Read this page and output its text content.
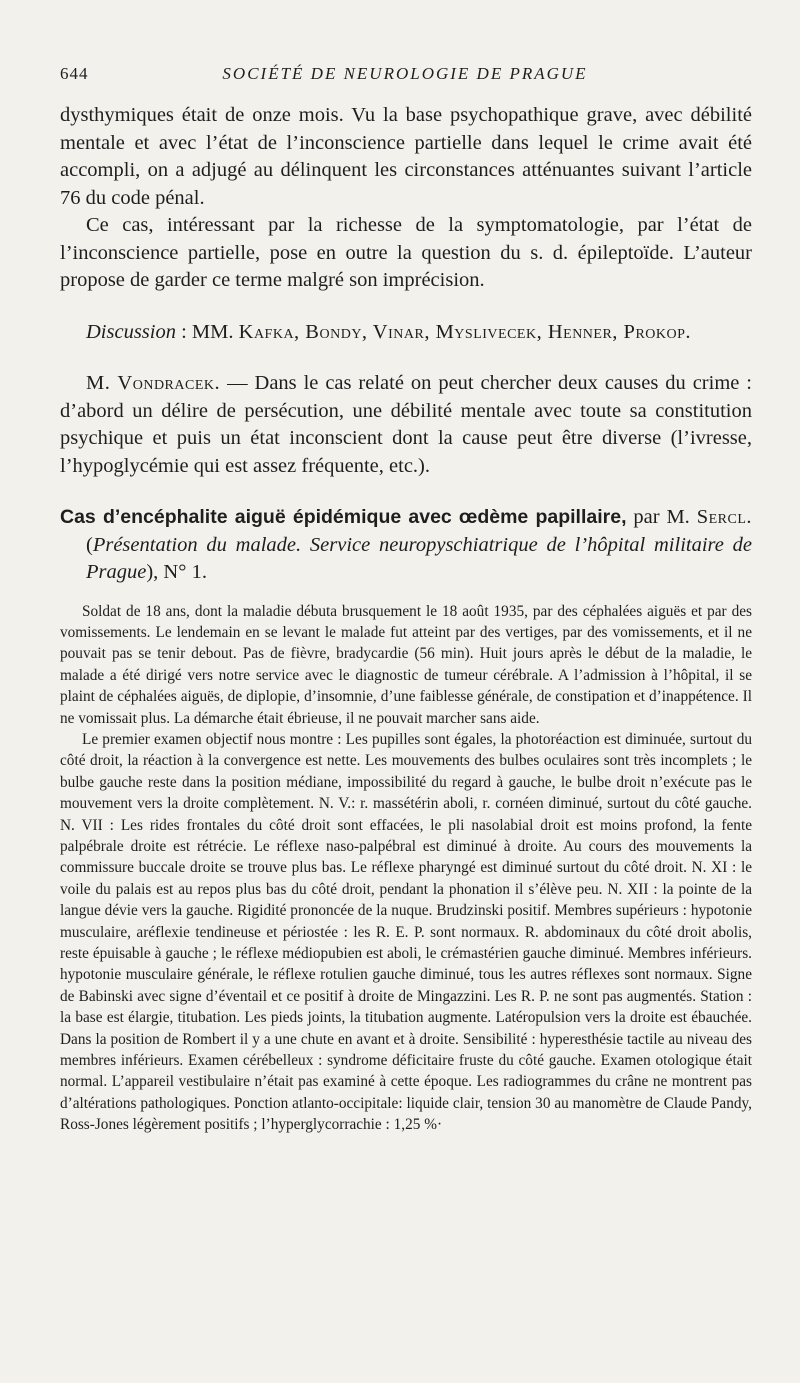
644	SOCIÉTÉ DE NEUROLOGIE DE PRAGUE

dysthymiques était de onze mois. Vu la base psychopathique grave, avec débilité mentale et avec l’état de l’inconscience partielle dans lequel le crime avait été accompli, on a adjugé au délinquent les circonstances atténuantes suivant l’article 76 du code pénal.

Ce cas, intéressant par la richesse de la symptomatologie, par l’état de l’inconscience partielle, pose en outre la question du s. d. épileptoïde. L’auteur propose de garder ce terme malgré son imprécision.

Discussion : MM. Kafka, Bondy, Vinar, Myslivecek, Henner, Prokop.

M. Vondracek. — Dans le cas relaté on peut chercher deux causes du crime : d’abord un délire de persécution, une débilité mentale avec toute sa constitution psychique et puis un état inconscient dont la cause peut être diverse (l’ivresse, l’hypoglycémie qui est assez fréquente, etc.).

Cas d’encéphalite aiguë épidémique avec œdème papillaire, par M. Sercl. (Présentation du malade. Service neuropyschiatrique de l’hôpital militaire de Prague), N° 1.

Soldat de 18 ans, dont la maladie débuta brusquement le 18 août 1935, par des céphalées aiguës et par des vomissements. Le lendemain en se levant le malade fut atteint par des vertiges, par des vomissements, et il ne pouvait pas se tenir debout. Pas de fièvre, bradycardie (56 min). Huit jours après le début de la maladie, le malade a été dirigé vers notre service avec le diagnostic de tumeur cérébrale. A l’admission à l’hôpital, il se plaint de céphalées aiguës, de diplopie, d’insomnie, d’une faiblesse générale, de constipation et d’inappétence. Il ne vomissait plus. La démarche était ébrieuse, il ne pouvait marcher sans aide.

Le premier examen objectif nous montre : Les pupilles sont égales, la photoréaction est diminuée, surtout du côté droit, la réaction à la convergence est nette. Les mouvements des bulbes oculaires sont très incomplets ; le bulbe gauche reste dans la position médiane, impossibilité du regard à gauche, le bulbe droit n’exécute pas le mouvement vers la droite complètement. N. V.: r. massétérin aboli, r. cornéen diminué, surtout du côté gauche. N. VII : Les rides frontales du côté droit sont effacées, le pli nasolabial droit est moins profond, la fente palpébrale droite est rétrécie. Le réflexe naso-palpébral est diminué à droite. Au cours des mouvements la commissure buccale droite se trouve plus bas. Le réflexe pharyngé est diminué surtout du côté droit. N. XI : le voile du palais est au repos plus bas du côté droit, pendant la phonation il s’élève peu. N. XII : la pointe de la langue dévie vers la gauche. Rigidité prononcée de la nuque. Brudzinski positif. Membres supérieurs : hypotonie musculaire, aréflexie tendineuse et périostée : les R. E. P. sont normaux. R. abdominaux du côté droit abolis, reste épuisable à gauche ; le réflexe médiopubien est aboli, le crémastérien gauche diminué. Membres inférieurs. hypotonie musculaire générale, le réflexe rotulien gauche diminué, tous les autres réflexes sont normaux. Signe de Babinski avec signe d’éventail et ce positif à droite de Mingazzini. Les R. P. ne sont pas augmentés. Station : la base est élargie, titubation. Les pieds joints, la titubation augmente. Latéropulsion vers la droite est ébauchée. Dans la position de Rombert il y a une chute en avant et à droite. Sensibilité : hyperesthésie tactile au niveau des membres inférieurs. Examen cérébelleux : syndrome déficitaire fruste du côté gauche. Examen otologique était normal. L’appareil vestibulaire n’était pas examiné à cette époque. Les radiogrammes du crâne ne montrent pas d’altérations pathologiques. Ponction atlanto-occipitale: liquide clair, tension 30 au manomètre de Claude Pandy, Ross-Jones légèrement positifs ; l’hyperglycorrachie : 1,25 %·
